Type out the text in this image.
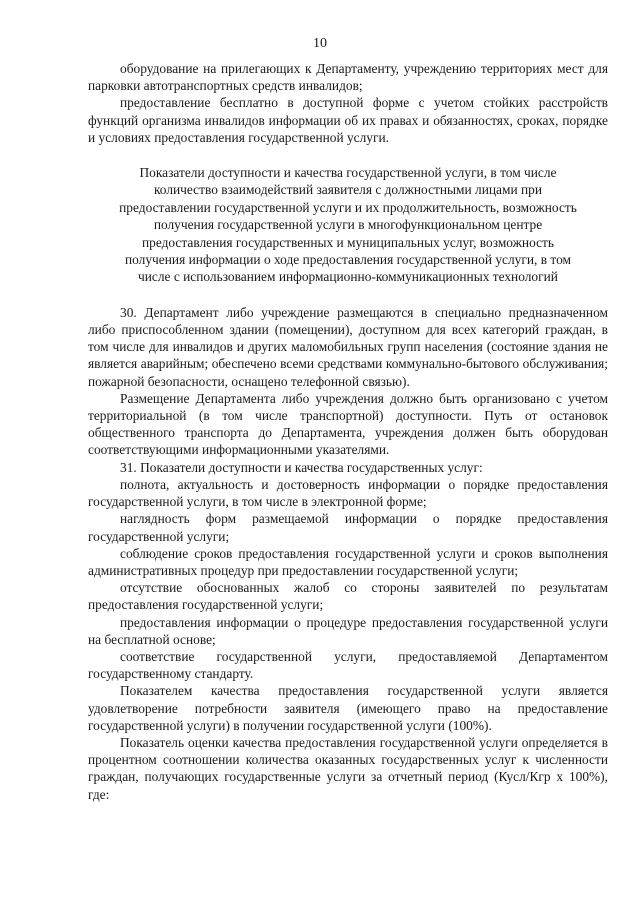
10

оборудование на прилегающих к Департаменту, учреждению территориях мест для парковки автотранспортных средств инвалидов;

предоставление бесплатно в доступной форме с учетом стойких расстройств функций организма инвалидов информации об их правах и обязанностях, сроках, порядке и условиях предоставления государственной услуги.

Показатели доступности и качества государственной услуги, в том числе
количество взаимодействий заявителя с должностными лицами при
предоставлении государственной услуги и их продолжительность, возможность
получения государственной услуги в многофункциональном центре
предоставления государственных и муниципальных услуг, возможность
получения информации о ходе предоставления государственной услуги, в том
числе с использованием информационно-коммуникационных технологий

30. Департамент либо учреждение размещаются в специально предназначенном либо приспособленном здании (помещении), доступном для всех категорий граждан, в том числе для инвалидов и других маломобильных групп населения (состояние здания не является аварийным; обеспечено всеми средствами коммунально-бытового обслуживания; пожарной безопасности, оснащено телефонной связью).

Размещение Департамента либо учреждения должно быть организовано с учетом территориальной (в том числе транспортной) доступности. Путь от остановок общественного транспорта до Департамента, учреждения должен быть оборудован соответствующими информационными указателями.

31. Показатели доступности и качества государственных услуг:

полнота, актуальность и достоверность информации о порядке предоставления государственной услуги, в том числе в электронной форме;

наглядность форм размещаемой информации о порядке предоставления государственной услуги;

соблюдение сроков предоставления государственной услуги и сроков выполнения административных процедур при предоставлении государственной услуги;

отсутствие обоснованных жалоб со стороны заявителей по результатам предоставления государственной услуги;

предоставления информации о процедуре предоставления государственной услуги на бесплатной основе;

соответствие государственной услуги, предоставляемой Департаментом государственному стандарту.

Показателем качества предоставления государственной услуги является удовлетворение потребности заявителя (имеющего право на предоставление государственной услуги) в получении государственной услуги (100%).

Показатель оценки качества предоставления государственной услуги определяется в процентном соотношении количества оказанных государственных услуг к численности граждан, получающих государственные услуги за отчетный период (Кусл/Кгр х 100%), где:
